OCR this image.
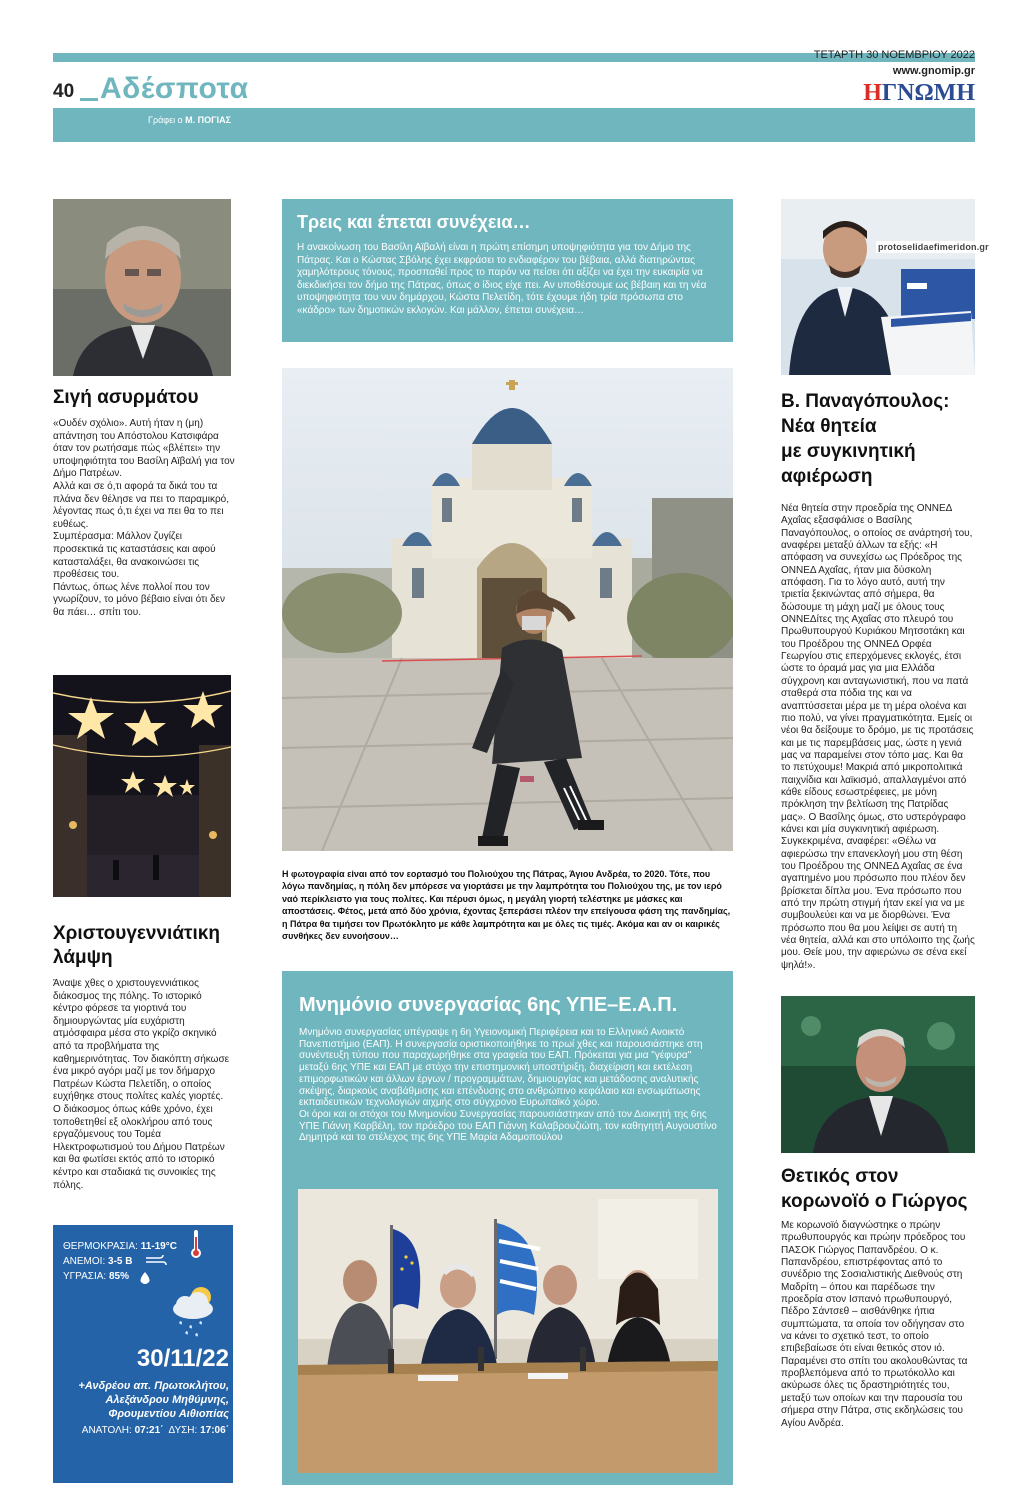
ΤΕΤΑΡΤΗ 30 ΝΟΕΜΒΡΙΟΥ 2022
www.gnomip.gr
ΗΓΝΩΜΗ
40 Αδέσποτα
Γράφει ο Μ. ΠΟΓΙΑΣ
Σιγή ασυρμάτου

«Ουδέν σχόλιο». Αυτή ήταν η (μη) απάντηση του Απόστολου Κατσιφάρα όταν τον ρωτήσαμε πώς «βλέπει» την υποψηφιότητα του Βασίλη Αϊβαλή για τον Δήμο Πατρέων.

Αλλά και σε ό,τι αφορά τα δικά του τα πλάνα δεν θέλησε να πει το παραμικρό, λέγοντας πως ό,τι έχει να πει θα το πει ευθέως.

Συμπέρασμα: Μάλλον ζυγίζει προσεκτικά τις καταστάσεις και αφού κατασταλάξει, θα ανακοινώσει τις προθέσεις του.

Πάντως, όπως λένε πολλοί που τον γνωρίζουν, το μόνο βέβαιο είναι ότι δεν θα πάει… σπίτι του.

Χριστουγεννιάτικη λάμψη

Άναψε χθες ο χριστουγεννιάτικος διάκοσμος της πόλης. Το ιστορικό κέντρο φόρεσε τα γιορτινά του δημιουργώντας μία ευχάριστη ατμόσφαιρα μέσα στο γκρίζο σκηνικό από τα προβλήματα της καθημερινότητας. Τον διακόπτη σήκωσε ένα μικρό αγόρι μαζί με τον δήμαρχο Πατρέων Κώστα Πελετίδη, ο οποίος ευχήθηκε στους πολίτες καλές γιορτές. Ο διάκοσμος όπως κάθε χρόνο, έχει τοποθετηθεί εξ ολοκλήρου από τους εργαζόμενους του Τομέα Ηλεκτροφωτισμού του Δήμου Πατρέων και θα φωτίσει εκτός από το ιστορικό κέντρο και σταδιακά τις συνοικίες της πόλης.

ΘΕΡΜΟΚΡΑΣΙΑ: 11-19°C
ΑΝΕΜΟΙ: 3-5 Β
ΥΓΡΑΣΙΑ: 85%
30/11/22
+Ανδρέου απ. Πρωτοκλήτου, Αλεξάνδρου Μηθύμνης, Φρουμεντίου Αιθιοπίας
ΑΝΑΤΟΛΗ: 07:21΄ ΔΥΣΗ: 17:06΄
Τρεις και έπεται συνέχεια…
Η ανακοίνωση του Βασίλη Αϊβαλή είναι η πρώτη επίσημη υποψηφιότητα για τον Δήμο της Πάτρας. Και ο Κώστας Σβόλης έχει εκφράσει το ενδιαφέρον του βέβαια, αλλά διατηρώντας χαμηλότερους τόνους, προσπαθεί προς το παρόν να πείσει ότι αξίζει να έχει την ευκαιρία να διεκδικήσει τον δήμο της Πάτρας, όπως ο ίδιος είχε πει. Αν υποθέσουμε ως βέβαιη και τη νέα υποψηφιότητα του νυν δημάρχου, Κώστα Πελετίδη, τότε έχουμε ήδη τρία πρόσωπα στο «κάδρο» των δημοτικών εκλογών. Και μάλλον, έπεται συνέχεια…
Η φωτογραφία είναι από τον εορτασμό του Πολιούχου της Πάτρας, Άγιου Ανδρέα, το 2020. Τότε, που λόγω πανδημίας, η πόλη δεν μπόρεσε να γιορτάσει με την λαμπρότητα του Πολιούχου της, με τον ιερό ναό περίκλειστο για τους πολίτες. Και πέρυσι όμως, η μεγάλη γιορτή τελέστηκε με μάσκες και αποστάσεις. Φέτος, μετά από δύο χρόνια, έχοντας ξεπεράσει πλέον την επείγουσα φάση της πανδημίας, η Πάτρα θα τιμήσει τον Πρωτόκλητο με κάθε λαμπρότητα και με όλες τις τιμές. Ακόμα και αν οι καιρικές συνθήκες δεν ευνοήσουν…
Μνημόνιο συνεργασίας 6ης ΥΠΕ–Ε.Α.Π.

Μνημόνιο συνεργασίας υπέγραψε η 6η Υγειονομική Περιφέρεια και το Ελληνικό Ανοικτό Πανεπιστήμιο (ΕΑΠ). Η συνεργασία οριστικοποιήθηκε το πρωί χθες και παρουσιάστηκε στη συνέντευξη τύπου που παραχωρήθηκε στα γραφεία του ΕΑΠ. Πρόκειται για μια "γέφυρα" μεταξύ 6ης ΥΠΕ και ΕΑΠ με στόχο την επιστημονική υποστήριξη, διαχείριση και εκτέλεση επιμορφωτικών και άλλων έργων / προγραμμάτων, δημιουργίας και μετάδοσης αναλυτικής σκέψης, διαρκούς αναβάθμισης και επένδυσης στο ανθρώπινο κεφάλαιο και ενσωμάτωσης εκπαιδευτικών τεχνολογιών αιχμής στο σύγχρονο Ευρωπαϊκό χώρο.

Οι όροι και οι στόχοι του Μνημονίου Συνεργασίας παρουσιάστηκαν από τον Διοικητή της 6ης ΥΠΕ Γιάννη Καρβέλη, τον πρόεδρο του ΕΑΠ Γιάννη Καλαβρουζιώτη, τον καθηγητή Αυγουστίνο Δημητρά και το στέλεχος της 6ης ΥΠΕ Μαρία Αδαμοπούλου

protoselidaefimeridon.gr
Β. Παναγόπουλος:
Νέα θητεία
με συγκινητική
αφιέρωση
Νέα θητεία στην προεδρία της ΟΝΝΕΔ Αχαΐας εξασφάλισε ο Βασίλης Παναγόπουλος, ο οποίος σε ανάρτησή του, αναφέρει μεταξύ άλλων τα εξής: «Η απόφαση να συνεχίσω ως Πρόεδρος της ΟΝΝΕΔ Αχαΐας, ήταν μια δύσκολη απόφαση. Για το λόγο αυτό, αυτή την τριετία ξεκινώντας από σήμερα, θα δώσουμε τη μάχη μαζί με όλους τους ΟΝΝΕΔίτες της Αχαΐας στο πλευρό του Πρωθυπουργού Κυριάκου Μητσοτάκη και του Προέδρου της ΟΝΝΕΔ Ορφέα Γεωργίου στις επερχόμενες εκλογές, έτσι ώστε το όραμά μας για μια Ελλάδα σύγχρονη και ανταγωνιστική, που να πατά σταθερά στα πόδια της και να αναπτύσσεται μέρα με τη μέρα ολοένα και πιο πολύ, να γίνει πραγματικότητα. Εμείς οι νέοι θα δείξουμε το δρόμο, με τις προτάσεις και με τις παρεμβάσεις μας, ώστε η γενιά μας να παραμείνει στον τόπο μας. Και θα το πετύχουμε! Μακριά από μικροπολιτικά παιχνίδια και λαϊκισμό, απαλλαγμένοι από κάθε είδους εσωστρέφειες, με μόνη πρόκληση την βελτίωση της Πατρίδας μας». Ο Βασίλης όμως, στο υστερόγραφο κάνει και μία συγκινητική αφιέρωση. Συγκεκριμένα, αναφέρει: «Θέλω να αφιερώσω την επανεκλογή μου στη θέση του Προέδρου της ΟΝΝΕΔ Αχαΐας σε ένα αγαπημένο μου πρόσωπο που πλέον δεν βρίσκεται δίπλα μου. Ένα πρόσωπο που από την πρώτη στιγμή ήταν εκεί για να με συμβουλεύει και να με διορθώνει. Ένα πρόσωπο που θα μου λείψει σε αυτή τη νέα θητεία, αλλά και στο υπόλοιπο της ζωής μου. Θείε μου, την αφιερώνω σε σένα εκεί ψηλά!».
Θετικός στον
κορωνοϊό ο Γιώργος
Με κορωνοϊό διαγνώστηκε ο πρώην πρωθυπουργός και πρώην πρόεδρος του ΠΑΣΟΚ Γιώργος Παπανδρέου. Ο κ. Παπανδρέου, επιστρέφοντας από το συνέδριο της Σοσιαλιστικής Διεθνούς στη Μαδρίτη – όπου και παρέδωσε την προεδρία στον Ισπανό πρωθυπουργό, Πέδρο Σάντσεθ – αισθάνθηκε ήπια συμπτώματα, τα οποία τον οδήγησαν στο να κάνει το σχετικό τεστ, το οποίο επιβεβαίωσε ότι είναι θετικός στον ιό. Παραμένει στο σπίτι του ακολουθώντας τα προβλεπόμενα από το πρωτόκολλο και ακύρωσε όλες τις δραστηριότητές του, μεταξύ των οποίων και την παρουσία του σήμερα στην Πάτρα, στις εκδηλώσεις του Αγίου Ανδρέα.
